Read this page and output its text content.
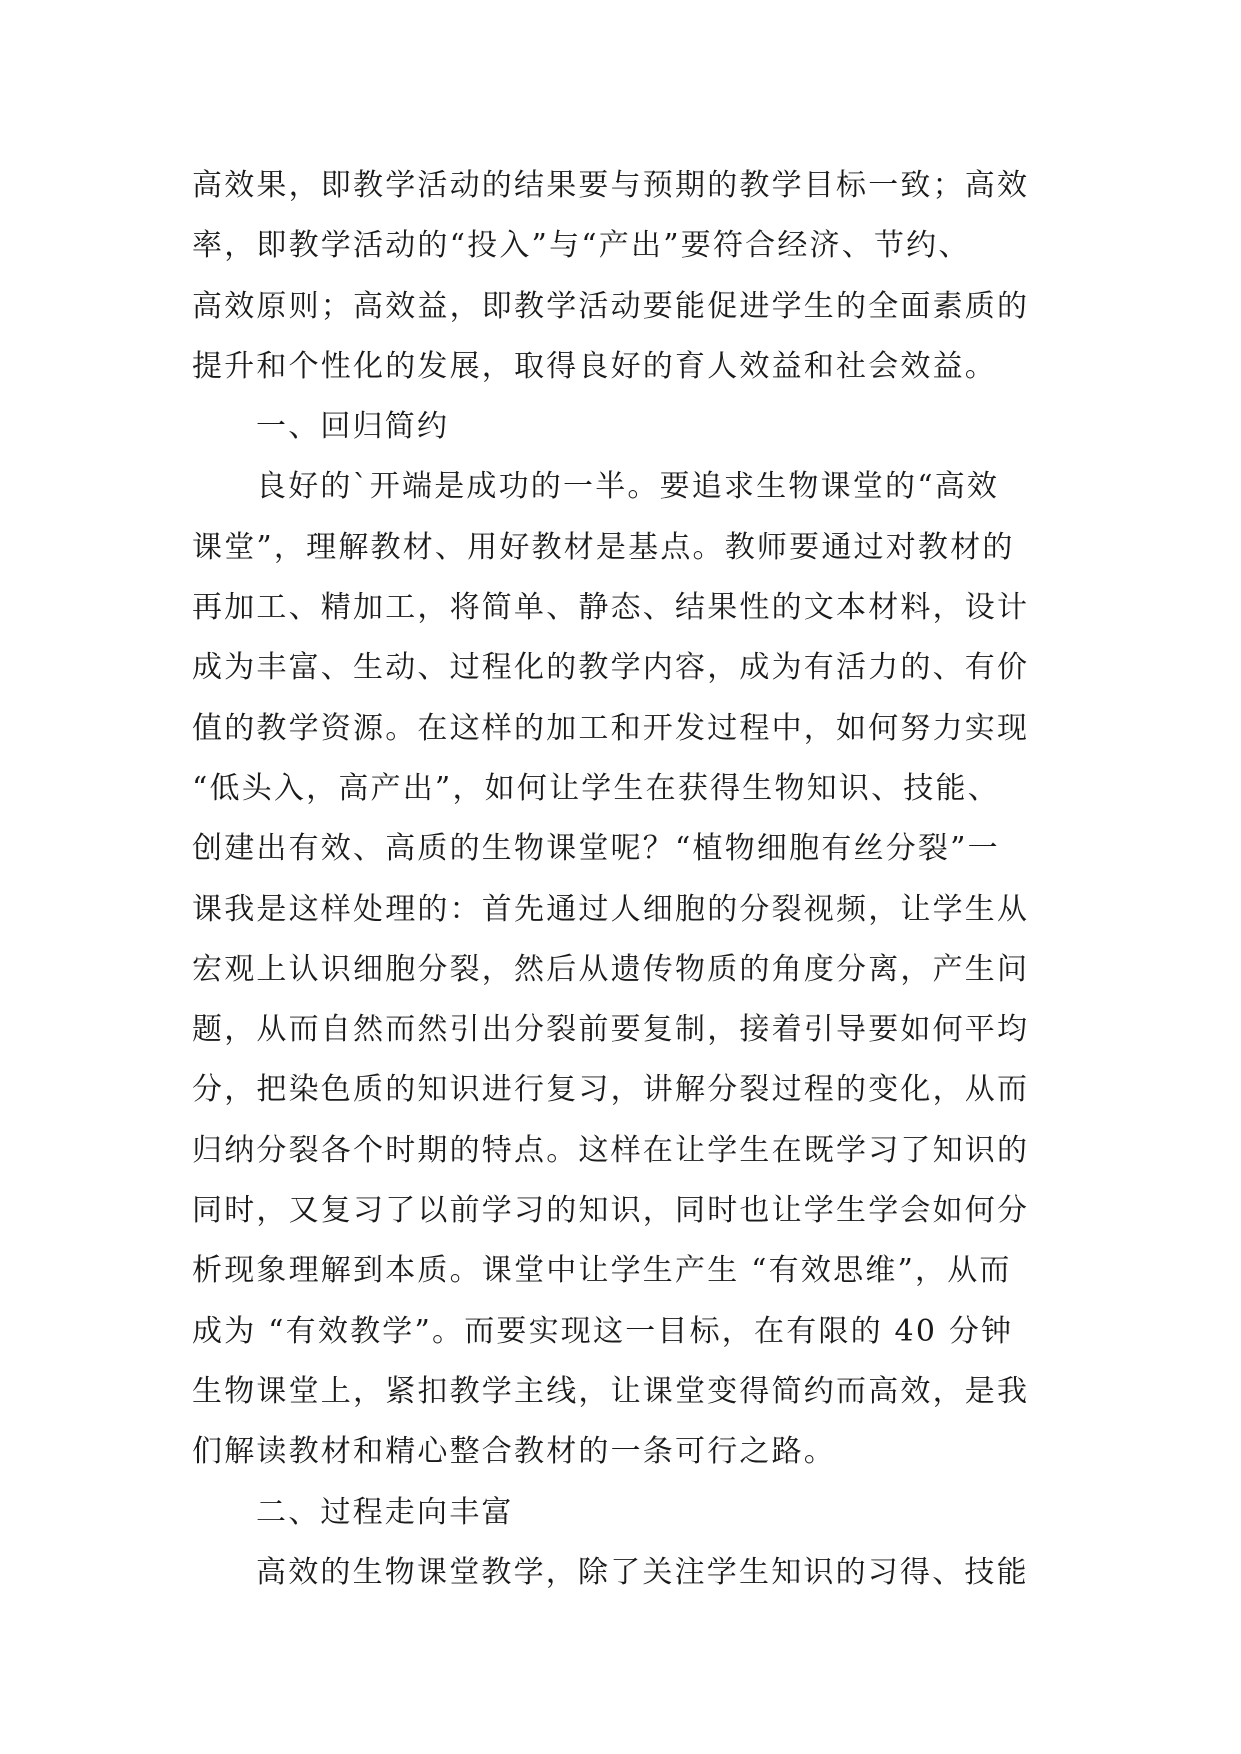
高效果，即教学活动的结果要与预期的教学目标一致；高效
率，即教学活动的“投入”与“产出”要符合经济、节约、
高效原则；高效益，即教学活动要能促进学生的全面素质的
提升和个性化的发展，取得良好的育人效益和社会效益。
一、回归简约
良好的`开端是成功的一半。要追求生物课堂的“高效
课堂”，理解教材、用好教材是基点。教师要通过对教材的
再加工、精加工，将简单、静态、结果性的文本材料，设计
成为丰富、生动、过程化的教学内容，成为有活力的、有价
值的教学资源。在这样的加工和开发过程中，如何努力实现
“低头入，高产出”，如何让学生在获得生物知识、技能、
创建出有效、高质的生物课堂呢？“植物细胞有丝分裂”一
课我是这样处理的：首先通过人细胞的分裂视频，让学生从
宏观上认识细胞分裂，然后从遗传物质的角度分离，产生问
题，从而自然而然引出分裂前要复制，接着引导要如何平均
分，把染色质的知识进行复习，讲解分裂过程的变化，从而
归纳分裂各个时期的特点。这样在让学生在既学习了知识的
同时，又复习了以前学习的知识，同时也让学生学会如何分
析现象理解到本质。课堂中让学生产生 “有效思维”，从而
成为 “有效教学”。而要实现这一目标，在有限的 40 分钟
生物课堂上，紧扣教学主线，让课堂变得简约而高效，是我
们解读教材和精心整合教材的一条可行之路。
二、过程走向丰富
高效的生物课堂教学，除了关注学生知识的习得、技能
